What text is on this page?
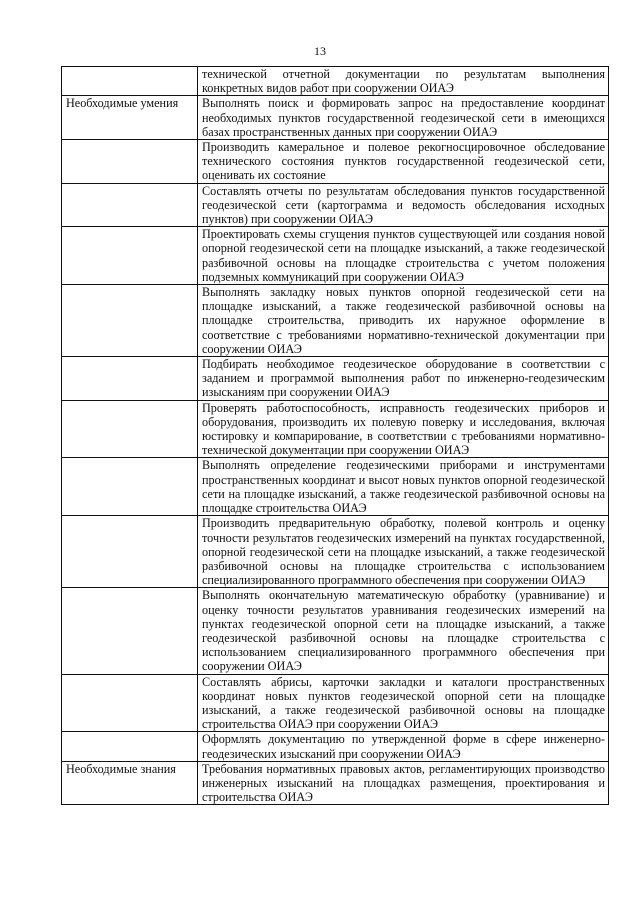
13
	технической отчетной документации по результатам выполнения конкретных видов работ при сооружении ОИАЭ
Необходимые умения	Выполнять поиск и формировать запрос на предоставление координат необходимых пунктов государственной геодезической сети в имеющихся базах пространственных данных при сооружении ОИАЭ
	Производить камеральное и полевое рекогносцировочное обследование технического состояния пунктов государственной геодезической сети, оценивать их состояние
	Составлять отчеты по результатам обследования пунктов государственной геодезической сети (картограмма и ведомость обследования исходных пунктов) при сооружении ОИАЭ
	Проектировать схемы сгущения пунктов существующей или создания новой опорной геодезической сети на площадке изысканий, а также геодезической разбивочной основы на площадке строительства с учетом положения подземных коммуникаций при сооружении ОИАЭ
	Выполнять закладку новых пунктов опорной геодезической сети на площадке изысканий, а также геодезической разбивочной основы на площадке строительства, приводить их наружное оформление в соответствие с требованиями нормативно-технической документации при сооружении ОИАЭ
	Подбирать необходимое геодезическое оборудование в соответствии с заданием и программой выполнения работ по инженерно-геодезическим изысканиям при сооружении ОИАЭ
	Проверять работоспособность, исправность геодезических приборов и оборудования, производить их полевую поверку и исследования, включая юстировку и компарирование, в соответствии с требованиями нормативно-технической документации при сооружении ОИАЭ
	Выполнять определение геодезическими приборами и инструментами пространственных координат и высот новых пунктов опорной геодезической сети на площадке изысканий, а также геодезической разбивочной основы на площадке строительства ОИАЭ
	Производить предварительную обработку, полевой контроль и оценку точности результатов геодезических измерений на пунктах государственной, опорной геодезической сети на площадке изысканий, а также геодезической разбивочной основы на площадке строительства с использованием специализированного программного обеспечения при сооружении ОИАЭ
	Выполнять окончательную математическую обработку (уравнивание) и оценку точности результатов уравнивания геодезических измерений на пунктах геодезической опорной сети на площадке изысканий, а также геодезической разбивочной основы на площадке строительства с использованием специализированного программного обеспечения при сооружении ОИАЭ
	Составлять абрисы, карточки закладки и каталоги пространственных координат новых пунктов геодезической опорной сети на площадке изысканий, а также геодезической разбивочной основы на площадке строительства ОИАЭ при сооружении ОИАЭ
	Оформлять документацию по утвержденной форме в сфере инженерно-геодезических изысканий при сооружении ОИАЭ
Необходимые знания	Требования нормативных правовых актов, регламентирующих производство инженерных изысканий на площадках размещения, проектирования и строительства ОИАЭ
